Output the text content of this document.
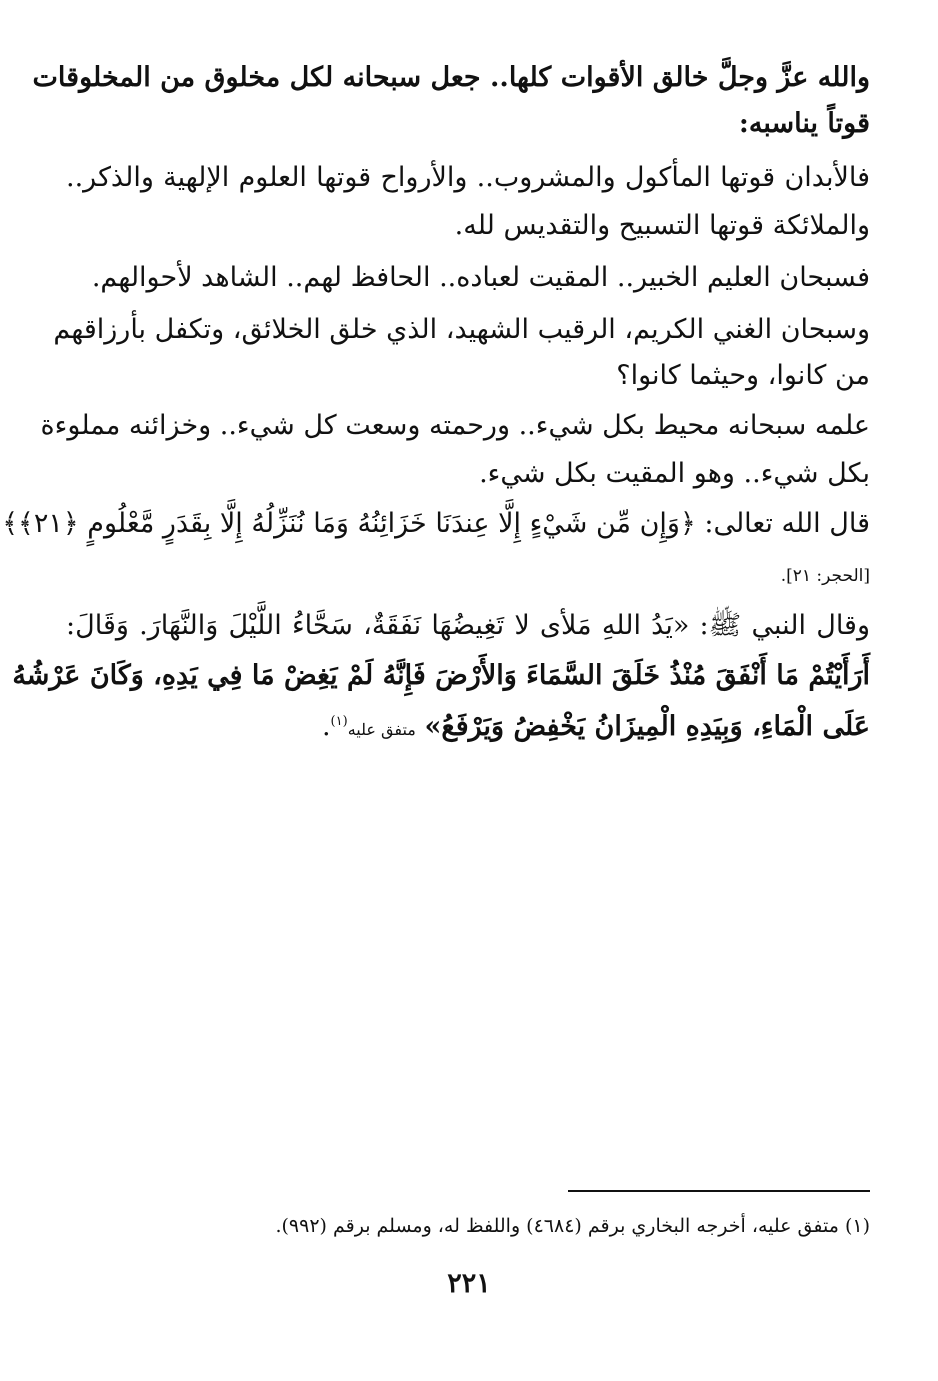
والله عزَّ وجلَّ خالق الأقوات كلها.. جعل سبحانه لكل مخلوق من المخلوقات
قوتاً يناسبه:
فالأبدان قوتها المأكول والمشروب.. والأرواح قوتها العلوم الإلهية والذكر..
والملائكة قوتها التسبيح والتقديس لله.
فسبحان العليم الخبير.. المقيت لعباده.. الحافظ لهم.. الشاهد لأحوالهم.
وسبحان الغني الكريم، الرقيب الشهيد، الذي خلق الخلائق، وتكفل بأرزاقهم
من كانوا، وحيثما كانوا؟
علمه سبحانه محيط بكل شيء.. ورحمته وسعت كل شيء.. وخزائنه مملوءة
بكل شيء.. وهو المقيت بكل شيء.
قال الله تعالى: ﴿وَإِن مِّن شَيْءٍ إِلَّا عِندَنَا خَزَائِنُهُ وَمَا نُنَزِّلُهُ إِلَّا بِقَدَرٍ مَّعْلُومٍ ﴿٢١﴾﴾
[الحجر: ٢١].
وقال النبي ﷺ: «يَدُ اللهِ مَلأى لا تَغِيضُهَا نَفَقَةٌ، سَحَّاءُ اللَّيْلَ وَالنَّهَارَ. وَقَالَ:
أَرَأَيْتُمْ مَا أَنْفَقَ مُنْذُ خَلَقَ السَّمَاءَ وَالأَرْضَ فَإِنَّهُ لَمْ يَغِضْ مَا فِي يَدِهِ، وَكَانَ عَرْشُهُ
عَلَى الْمَاءِ، وَبِيَدِهِ الْمِيزَانُ يَخْفِضُ وَيَرْفَعُ» متفق عليه$^{(١)}$.
(١) متفق عليه، أخرجه البخاري برقم (٤٦٨٤) واللفظ له، ومسلم برقم (٩٩٢).
٢٢١
